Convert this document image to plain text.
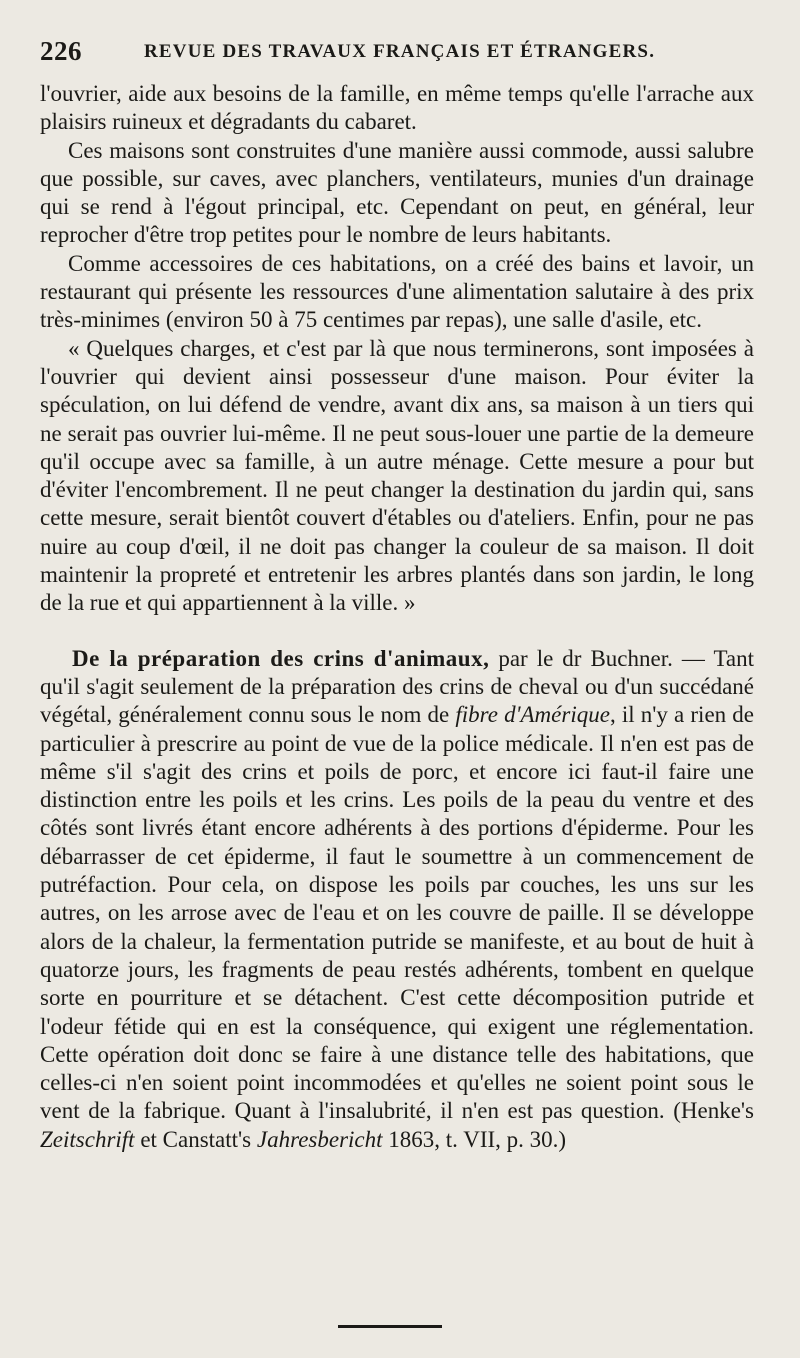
226	REVUE DES TRAVAUX FRANÇAIS ET ÉTRANGERS.

l'ouvrier, aide aux besoins de la famille, en même temps qu'elle l'arrache aux plaisirs ruineux et dégradants du cabaret.

Ces maisons sont construites d'une manière aussi commode, aussi salubre que possible, sur caves, avec planchers, ventilateurs, munies d'un drainage qui se rend à l'égout principal, etc. Cependant on peut, en général, leur reprocher d'être trop petites pour le nombre de leurs habitants.

Comme accessoires de ces habitations, on a créé des bains et lavoir, un restaurant qui présente les ressources d'une alimentation salutaire à des prix très-minimes (environ 50 à 75 centimes par repas), une salle d'asile, etc.

« Quelques charges, et c'est par là que nous terminerons, sont imposées à l'ouvrier qui devient ainsi possesseur d'une maison. Pour éviter la spéculation, on lui défend de vendre, avant dix ans, sa maison à un tiers qui ne serait pas ouvrier lui-même. Il ne peut sous-louer une partie de la demeure qu'il occupe avec sa famille, à un autre ménage. Cette mesure a pour but d'éviter l'encombrement. Il ne peut changer la destination du jardin qui, sans cette mesure, serait bientôt couvert d'étables ou d'ateliers. Enfin, pour ne pas nuire au coup d'œil, il ne doit pas changer la couleur de sa maison. Il doit maintenir la propreté et entretenir les arbres plantés dans son jardin, le long de la rue et qui appartiennent à la ville. »

De la préparation des crins d'animaux, par le dr Buchner. — Tant qu'il s'agit seulement de la préparation des crins de cheval ou d'un succédané végétal, généralement connu sous le nom de fibre d'Amérique, il n'y a rien de particulier à prescrire au point de vue de la police médicale. Il n'en est pas de même s'il s'agit des crins et poils de porc, et encore ici faut-il faire une distinction entre les poils et les crins. Les poils de la peau du ventre et des côtés sont livrés étant encore adhérents à des portions d'épiderme. Pour les débarrasser de cet épiderme, il faut le soumettre à un commencement de putréfaction. Pour cela, on dispose les poils par couches, les uns sur les autres, on les arrose avec de l'eau et on les couvre de paille. Il se développe alors de la chaleur, la fermentation putride se manifeste, et au bout de huit à quatorze jours, les fragments de peau restés adhérents, tombent en quelque sorte en pourriture et se détachent. C'est cette décomposition putride et l'odeur fétide qui en est la conséquence, qui exigent une réglementation. Cette opération doit donc se faire à une distance telle des habitations, que celles-ci n'en soient point incommodées et qu'elles ne soient point sous le vent de la fabrique. Quant à l'insalubrité, il n'en est pas question. (Henke's Zeitschrift et Canstatt's Jahresbericht 1863, t. VII, p. 30.)
